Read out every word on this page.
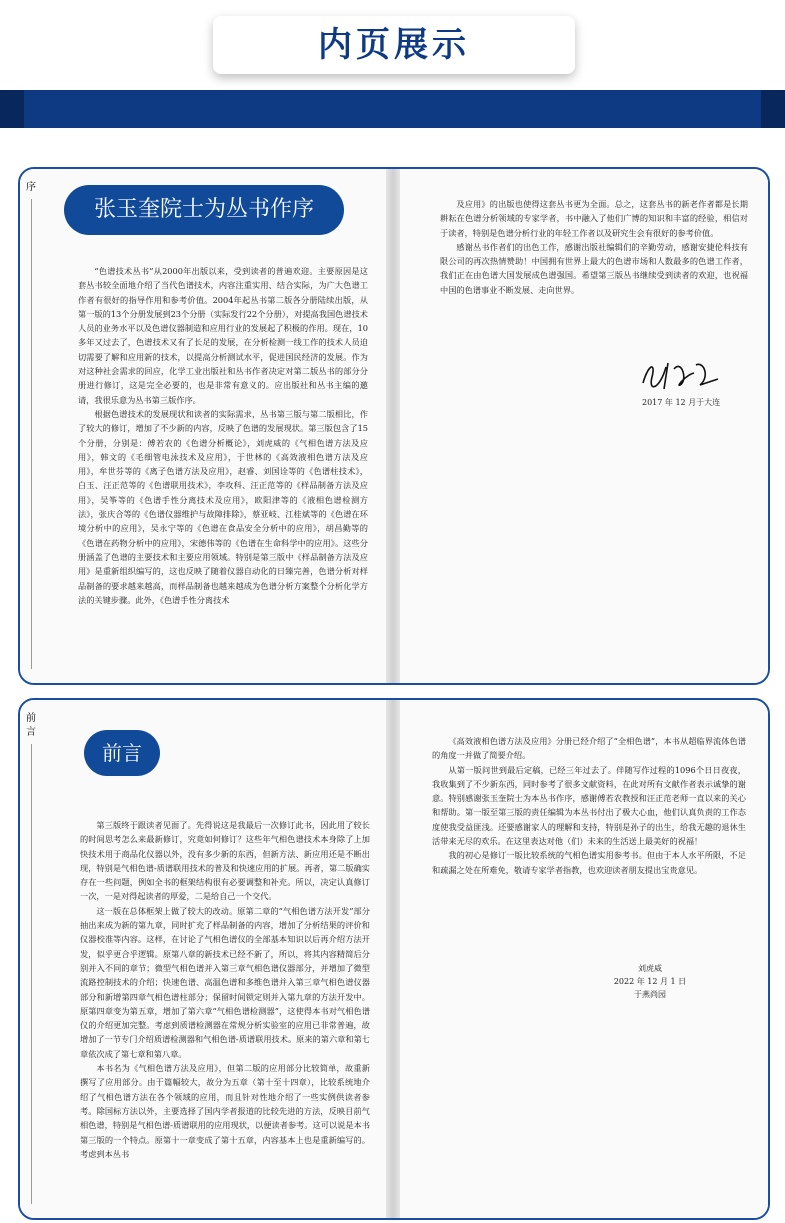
内页展示
序
张玉奎院士为丛书作序

“色谱技术丛书”从2000年出版以来，受到读者的普遍欢迎。主要原因是这套丛书较全面地介绍了当代色谱技术，内容注重实用、结合实际，为广大色谱工作者有很好的指导作用和参考价值。2004年起丛书第二版各分册陆续出版，从第一版的13个分册发展到23个分册（实际发行22个分册），对提高我国色谱技术人员的业务水平以及色谱仪器制造和应用行业的发展起了积极的作用。现在，10多年又过去了，色谱技术又有了长足的发展，在分析检测一线工作的技术人员迫切需要了解和应用新的技术，以提高分析测试水平，促进国民经济的发展。作为对这种社会需求的回应，化学工业出版社和丛书作者决定对第二版丛书的部分分册进行修订，这是完全必要的，也是非常有意义的。应出版社和丛书主编的邀请，我很乐意为丛书第三版作序。

根据色谱技术的发展现状和读者的实际需求，丛书第三版与第二版相比，作了较大的修订，增加了不少新的内容，反映了色谱的发展现状。第三版包含了15个分册，分别是：傅若农的《色谱分析概论》，刘虎威的《气相色谱方法及应用》，韩文的《毛细管电泳技术及应用》，于世林的《高效液相色谱方法及应用》，牟世芬等的《离子色谱方法及应用》，赵睿、刘国诠等的《色谱柱技术》，白玉、汪正范等的《色谱联用技术》，李攻科、汪正范等的《样品制备方法及应用》，吴筝等的《色谱手性分离技术及应用》，欧阳津等的《液相色谱检测方法》，张庆合等的《色谱仪器维护与故障排除》，蔡亚岐、江桂斌等的《色谱在环境分析中的应用》，吴永宁等的《色谱在食品安全分析中的应用》，胡昌勤等的《色谱在药物分析中的应用》，宋德伟等的《色谱在生命科学中的应用》。这些分册涵盖了色谱的主要技术和主要应用领域。特别是第三版中《样品制备方法及应用》是重新组织编写的，这也反映了随着仪器自动化的日臻完善，色谱分析对样品制备的要求越来越高，而样品制备也越来越成为色谱分析方案整个分析化学方法的关键步骤。此外，《色谱手性分离技术

及应用》的出版也使得这套丛书更为全面。总之，这套丛书的新老作者都是长期耕耘在色谱分析领域的专家学者，书中融入了他们广博的知识和丰富的经验，相信对于读者，特别是色谱分析行业的年轻工作者以及研究生会有很好的参考价值。

感谢丛书作者们的出色工作，感谢出版社编辑们的辛勤劳动，感谢安捷伦科技有限公司的再次热情赞助！中国拥有世界上最大的色谱市场和人数最多的色谱工作者，我们正在由色谱大国发展成色谱强国。希望第三版丛书继续受到读者的欢迎，也祝福中国的色谱事业不断发展、走向世界。

2017 年 12 月于大连
前言
前言

第三版终于跟读者见面了。先得说这是我最后一次修订此书，因此用了较长的时间思考怎么来最新修订，究竟如何修订？这些年气相色谱技术本身除了上加快技术用于商品化仪器以外，没有多少新的东西，但新方法、新应用还是不断出现，特别是气相色谱-质谱联用技术的普及和快速应用的扩展。再者，第二版确实存在一些问题，例如全书的框架结构很有必要调整和补充。所以，决定认真修订一次，一是对得起读者的厚爱，二是给自己一个交代。

这一版在总体框架上做了较大的改动。原第二章的“气相色谱方法开发”部分抽出来成为新的第九章，同时扩充了样品制备的内容，增加了分析结果的评价和仪器校准等内容。这样，在讨论了气相色谱仪的全部基本知识以后再介绍方法开发，似乎更合乎逻辑。原第八章的新技术已经不新了，所以，将其内容精简后分别并入不同的章节；微型气相色谱并入第三章气相色谱仪器部分，并增加了微型流路控制技术的介绍；快速色谱、高温色谱和多维色谱并入第三章气相色谱仪器部分和新增第四章气相色谱柱部分；保留时间锁定则并入第九章的方法开发中。原第四章变为第五章，增加了第六章“气相色谱检测器”，这使得本书对气相色谱仪的介绍更加完整。考虑到质谱检测器在常规分析实验室的应用已非常普遍，故增加了一节专门介绍质谱检测器和气相色谱-质谱联用技术。原来的第六章和第七章依次成了第七章和第八章。

本书名为《气相色谱方法及应用》，但第二版的应用部分比较简单，故重新撰写了应用部分。由于篇幅较大，故分为五章（第十至十四章），比较系统地介绍了气相色谱方法在各个领域的应用，而且针对性地介绍了一些实例供读者参考。除国标方法以外，主要选择了国内学者报道的比较先进的方法，反映目前气相色谱，特别是气相色谱-质谱联用的应用现状，以便读者参考。这可以说是本书第三版的一个特点。原第十一章变成了第十五章，内容基本上也是重新编写的。考虑到本丛书

《高效液相色谱方法及应用》分册已经介绍了“全相色谱”，本书从超临界流体色谱的角度一并做了简要介绍。

从第一版问世到最后定稿，已经三年过去了。伴随写作过程的1096个日日夜夜，我收集到了不少新东西，同时参考了很多文献资料，在此对所有文献作者表示诚挚的谢意。特别感谢张玉奎院士为本丛书作序，感谢傅若农教授和汪正范老师一直以来的关心和帮助。第一版至第三版的责任编辑为本丛书付出了极大心血，他们认真负责的工作态度使我受益匪浅。还要感谢家人的理解和支持，特别是孙子的出生，给我无趣的退休生活带来无尽的欢乐。在这里表达对他（们）未来的生活送上最美好的祝福！

我的初心是修订一版比较系统的气相色谱实用参考书。但由于本人水平所限，不足和疏漏之处在所难免，敬请专家学者指教，也欢迎读者朋友提出宝贵意见。

刘虎威
2022 年 12 月 1 日
于燕尚园
